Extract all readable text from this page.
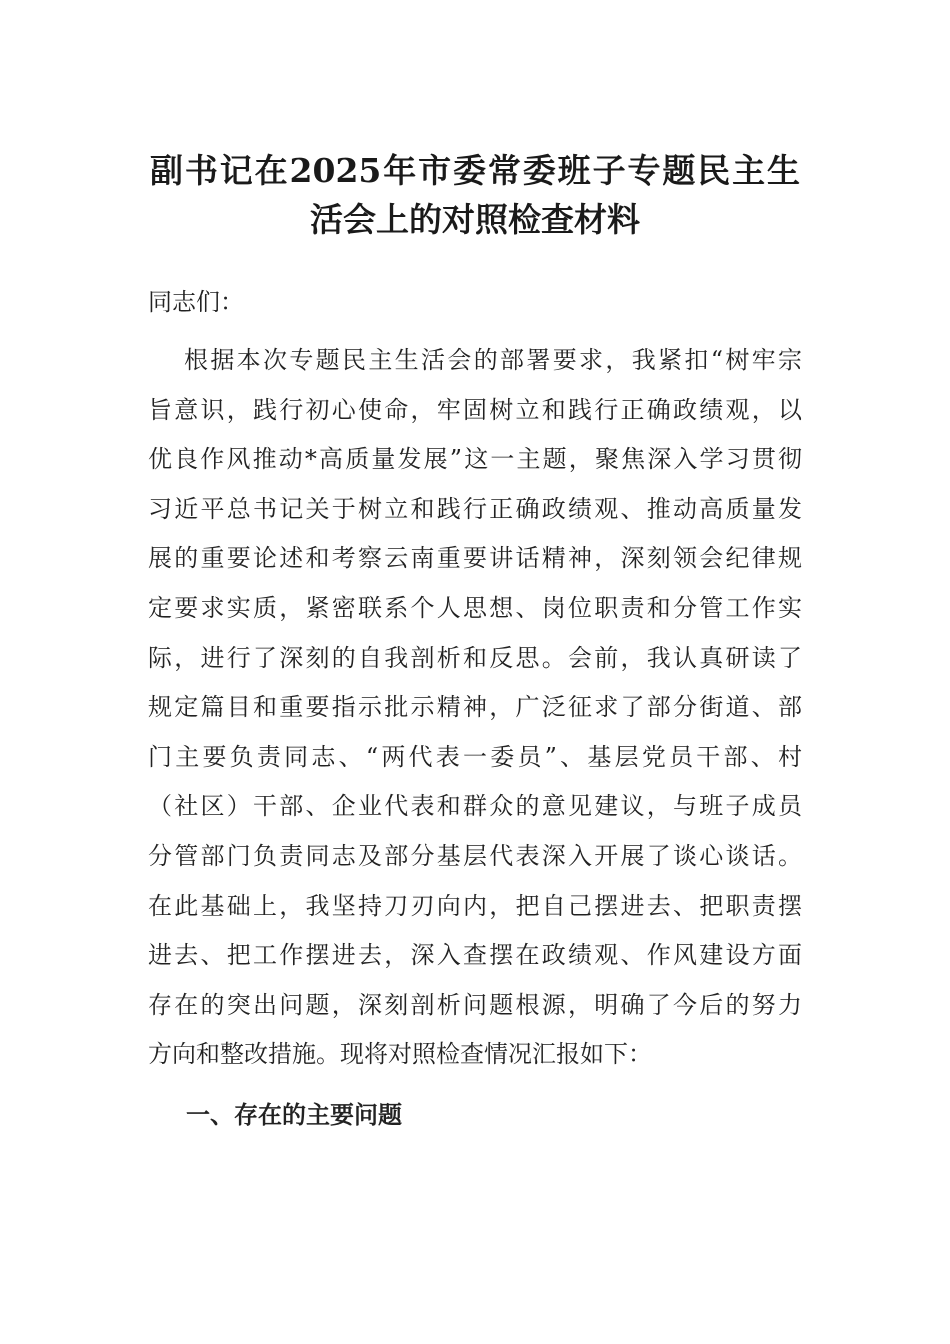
副书记在2025年市委常委班子专题民主生
活会上的对照检查材料
同志们：
根据本次专题民主生活会的部署要求，我紧扣“树牢宗
旨意识，践行初心使命，牢固树立和践行正确政绩观，以
优良作风推动*高质量发展”这一主题，聚焦深入学习贯彻
习近平总书记关于树立和践行正确政绩观、推动高质量发
展的重要论述和考察云南重要讲话精神，深刻领会纪律规
定要求实质，紧密联系个人思想、岗位职责和分管工作实
际，进行了深刻的自我剖析和反思。会前，我认真研读了
规定篇目和重要指示批示精神，广泛征求了部分街道、部
门主要负责同志、“两代表一委员”、基层党员干部、村
（社区）干部、企业代表和群众的意见建议，与班子成员
分管部门负责同志及部分基层代表深入开展了谈心谈话。
在此基础上，我坚持刀刃向内，把自己摆进去、把职责摆
进去、把工作摆进去，深入查摆在政绩观、作风建设方面
存在的突出问题，深刻剖析问题根源，明确了今后的努力
方向和整改措施。现将对照检查情况汇报如下：
一、存在的主要问题
